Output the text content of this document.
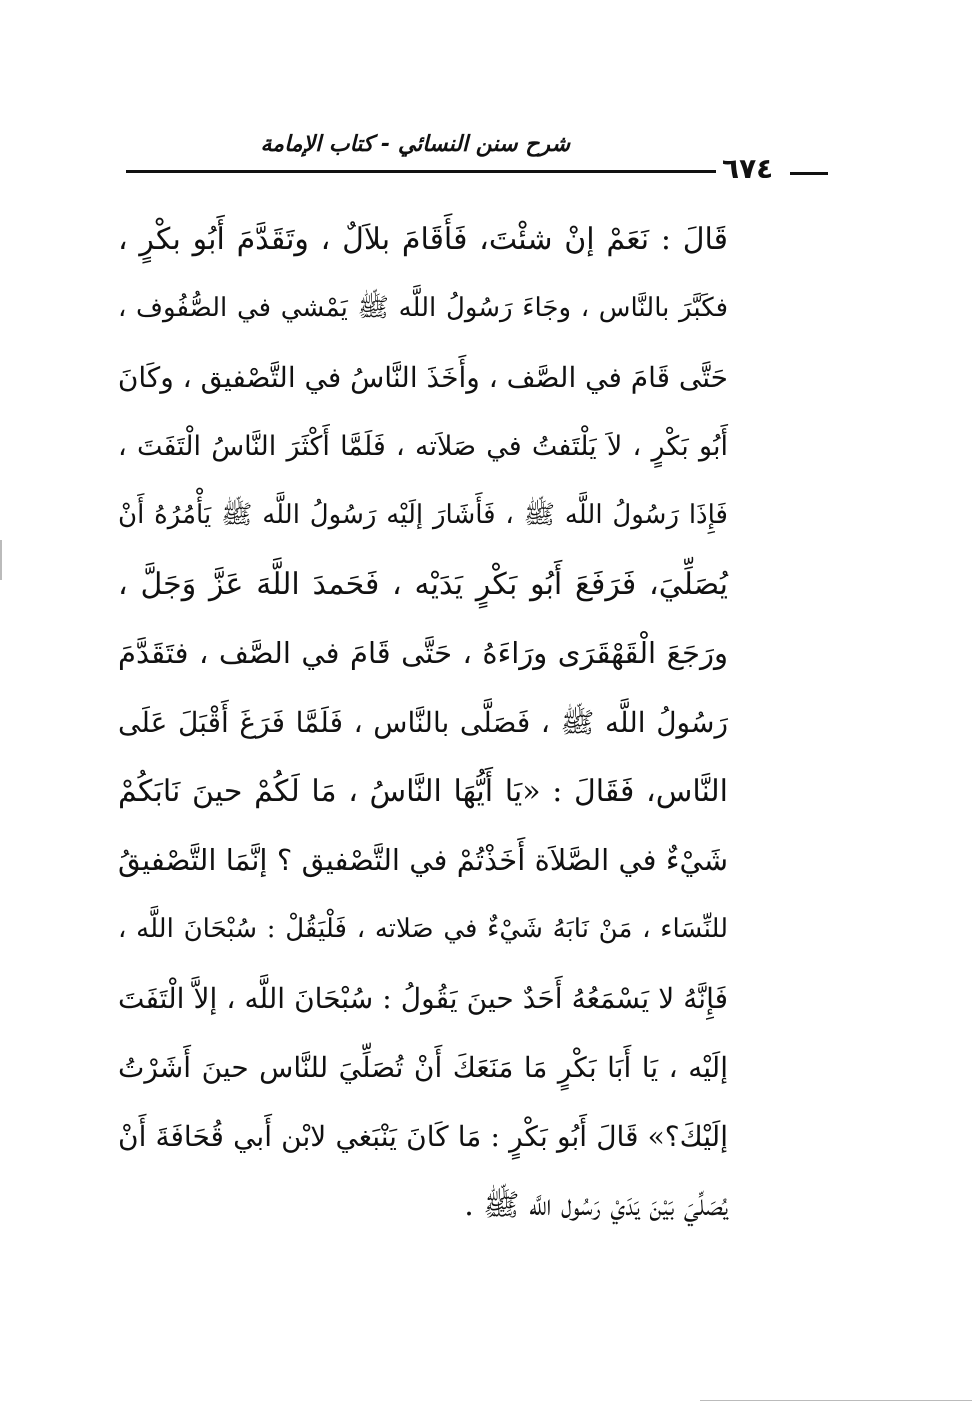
شرح سنن النسائي - كتاب الإمامة
٦٧٤
قَالَ : نَعَمْ إنْ شئْتَ، فَأَقَامَ بلاَلٌ ، وتَقَدَّمَ أَبُو بكْرٍ ،
فكَبَّرَ بالنَّاس ، وجَاءَ رَسُولُ اللَّه ﷺ يَمْشي في الصُّفُوف ،
حَتَّى قَامَ في الصَّف ، وأَخَذَ النَّاسُ في التَّصْفيق ، وكَانَ
أَبُو بَكْرٍ ، لاَ يَلْتَفتُ في صَلاَته ، فَلَمَّا أَكْثَرَ النَّاسُ الْتَفَتَ ،
فَإِذَا رَسُولُ اللَّه ﷺ ، فَأَشَارَ إلَيْه رَسُولُ اللَّه ﷺ يَأْمُرُهُ أَنْ
يُصَلِّيَ، فَرَفَعَ أَبُو بَكْرٍ يَدَيْه ، فَحَمدَ اللَّهَ عَزَّ وَجَلَّ ،
ورَجَعَ الْقَهْقَرَى ورَاءَهُ ، حَتَّى قَامَ في الصَّف ، فتَقَدَّمَ
رَسُولُ اللَّه ﷺ ، فَصَلَّى بالنَّاس ، فَلَمَّا فَرَغَ أَقْبَلَ عَلَى
النَّاس، فَقَالَ : «يَا أَيُّهَا النَّاسُ ، مَا لَكُمْ حينَ نَابَكُمْ
شَيْءٌ في الصَّلاَة أَخَذْتُمْ في التَّصْفيق ؟ إنَّمَا التَّصْفيقُ
للنِّسَاء ، مَنْ نَابَهُ شَيْءٌ في صَلاته ، فَلْيَقُلْ : سُبْحَانَ اللَّه ،
فَإِنَّهُ لا يَسْمَعُهُ أَحَدٌ حينَ يَقُولُ : سُبْحَانَ اللَّه ، إلاَّ الْتَفَتَ
إلَيْه ، يَا أَبَا بَكْرٍ مَا مَنَعَكَ أَنْ تُصَلِّيَ للنَّاس حينَ أَشَرْتُ
إلَيْكَ؟» قَالَ أَبُو بَكْرٍ : مَا كَانَ يَنْبَغي لابْن أَبي قُحَافَةَ أَنْ
يُصَلِّيَ بَيْنَ يَدَيْ رَسُول اللَّه ﷺ .
